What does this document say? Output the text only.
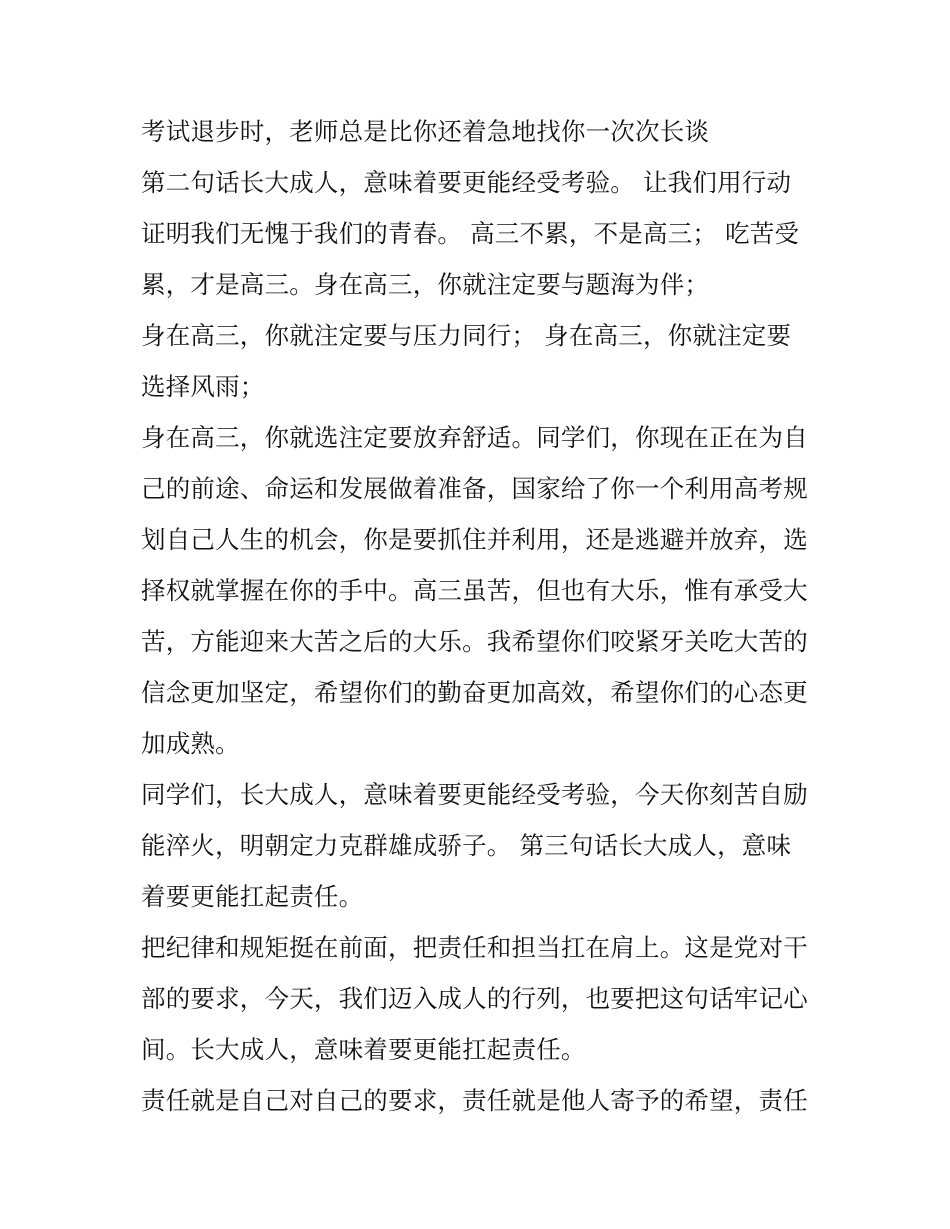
考试退步时，老师总是比你还着急地找你一次次长谈
第二句话长大成人，意味着要更能经受考验。 让我们用行动
证明我们无愧于我们的青春。 高三不累，不是高三； 吃苦受
累，才是高三。身在高三，你就注定要与题海为伴；
身在高三，你就注定要与压力同行； 身在高三，你就注定要
选择风雨；
身在高三，你就选注定要放弃舒适。同学们，你现在正在为自
己的前途、命运和发展做着准备，国家给了你一个利用高考规
划自己人生的机会，你是要抓住并利用，还是逃避并放弃，选
择权就掌握在你的手中。高三虽苦，但也有大乐，惟有承受大
苦，方能迎来大苦之后的大乐。我希望你们咬紧牙关吃大苦的
信念更加坚定，希望你们的勤奋更加高效，希望你们的心态更
加成熟。
同学们，长大成人，意味着要更能经受考验，今天你刻苦自励
能淬火，明朝定力克群雄成骄子。 第三句话长大成人，意味
着要更能扛起责任。
把纪律和规矩挺在前面，把责任和担当扛在肩上。这是党对干
部的要求，今天，我们迈入成人的行列，也要把这句话牢记心
间。长大成人，意味着要更能扛起责任。
责任就是自己对自己的要求，责任就是他人寄予的希望，责任
